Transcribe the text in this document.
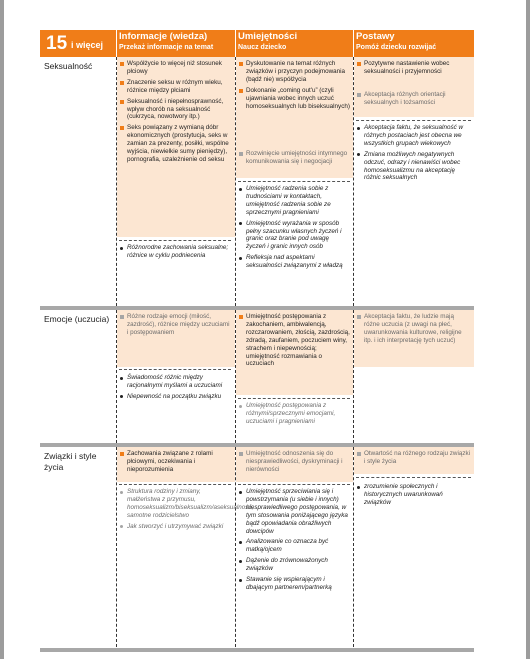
15 i więcej
Informacje (wiedza)
Przekaż informacje na temat
Umiejętności
Naucz dziecko
Postawy
Pomóż dziecku rozwijać
Seksualność	Współżycie to więcej niż stosunek płciowy
Znaczenie seksu w różnym wieku, różnice między płciami
Seksualność i niepełnosprawność, wpływ chorób na seksualność (cukrzyca, nowotwory itp.)
Seks powiązany z wymianą dóbr ekonomicznych (prostytucja, seks w zamian za prezenty, posiłki, wspólne wyjścia, niewielkie sumy pieniędzy), pornografia, uzależnienie od seksu
Różnorodne zachowania seksualne; różnice w cyklu podniecenia
Dyskutowanie na temat różnych związków i przyczyn podejmowania (bądź nie) współżycia
Dokonanie „coming out'u” (czyli ujawniania wobec innych uczuć homoseksualnych lub biseksualnych)
Rozwinięcie umiejętności intymnego komunikowania się i negocjacji
Umiejętność radzenia sobie z trudnościami w kontaktach, umiejętność radzenia sobie ze sprzecznymi pragnieniami
Umiejętność wyrażania w sposób pełny szacunku własnych życzeń i granic oraz branie pod uwagę życzeń i granic innych osób
Refleksja nad aspektami seksualności związanymi z władzą
Pozytywne nastawienie wobec seksualności i przyjemności
Akceptacja różnych orientacji seksualnych i tożsamości
Akceptacja faktu, że seksualność w różnych postaciach jest obecna we wszystkich grupach wiekowych
Zmiana możliwych negatywnych odczuć, odrazy i nienawiści wobec homoseksualizmu na akceptację różnic seksualnych
Emocje (uczucia)	Różne rodzaje emocji (miłość, zazdrość), różnice między uczuciami i postępowaniem
Świadomość różnic między racjonalnymi myślami a uczuciami
Niepewność na początku związku
Umiejętność postępowania z zakochaniem, ambiwalencją, rozczarowaniem, złością, zazdrością, zdradą, zaufaniem, poczuciem winy, strachem i niepewnością; umiejętność rozmawiania o uczuciach
Umiejętność postępowania z różnymi/sprzecznymi emocjami, uczuciami i pragnieniami
Akceptacja faktu, że ludzie mają różne uczucia (z uwagi na płeć, uwarunkowania kulturowe, religijne itp. i ich interpretację tych uczuć)
Związki i style życia
Zachowania związane z rolami płciowymi, oczekiwania i nieporozumienia
Struktura rodziny i zmiany, małżeństwa z przymusu, homoseksualizm/biseksualizm/aseksualność, samotne rodzicielstwo
Jak stworzyć i utrzymywać związki
Umiejętność odnoszenia się do niesprawiedliwości, dyskryminacji i nierówności
Umiejętność sprzeciwiania się i powstrzymania (u siebie i innych) niesprawiedliwego postępowania, w tym stosowania poniżającego języka bądź opowiadania obraźliwych dowcipów
Analizowanie co oznacza być matką/ojcem
Dążenie do zrównoważonych związków
Stawanie się wspierającym i dbającym partnerem/partnerką
Otwartość na różnego rodzaju związki i style życia
zrozumienie społecznych i historycznych uwarunkowań związków
